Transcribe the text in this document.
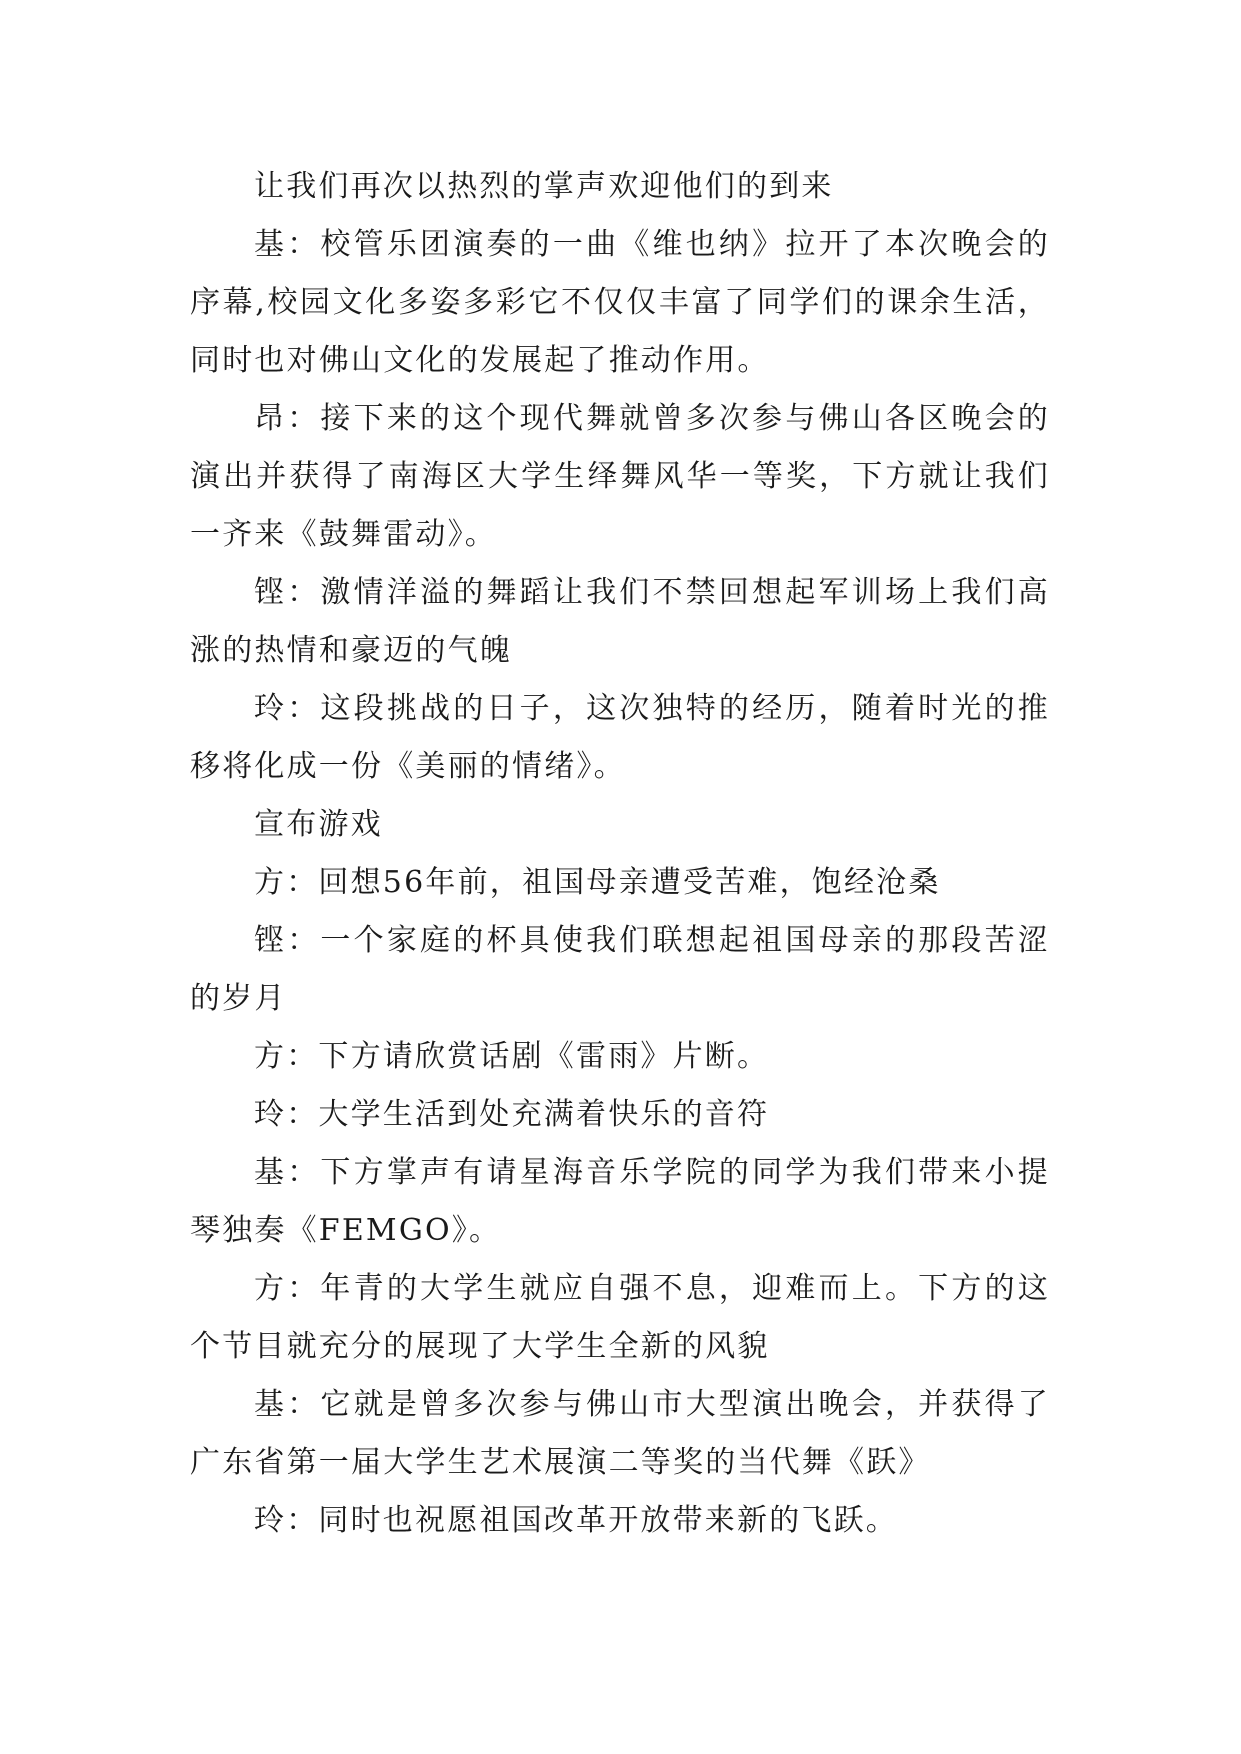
让我们再次以热烈的掌声欢迎他们的到来

基：校管乐团演奏的一曲《维也纳》拉开了本次晚会的序幕,校园文化多姿多彩它不仅仅丰富了同学们的课余生活，同时也对佛山文化的发展起了推动作用。

昂：接下来的这个现代舞就曾多次参与佛山各区晚会的演出并获得了南海区大学生绎舞风华一等奖，下方就让我们一齐来《鼓舞雷动》。

铿：激情洋溢的舞蹈让我们不禁回想起军训场上我们高涨的热情和豪迈的气魄

玲：这段挑战的日子，这次独特的经历，随着时光的推移将化成一份《美丽的情绪》。

宣布游戏

方：回想56年前，祖国母亲遭受苦难，饱经沧桑

铿：一个家庭的杯具使我们联想起祖国母亲的那段苦涩的岁月

方：下方请欣赏话剧《雷雨》片断。

玲：大学生活到处充满着快乐的音符

基：下方掌声有请星海音乐学院的同学为我们带来小提琴独奏《FEMGO》。

方：年青的大学生就应自强不息，迎难而上。下方的这个节目就充分的展现了大学生全新的风貌

基：它就是曾多次参与佛山市大型演出晚会，并获得了广东省第一届大学生艺术展演二等奖的当代舞《跃》

玲：同时也祝愿祖国改革开放带来新的飞跃。
